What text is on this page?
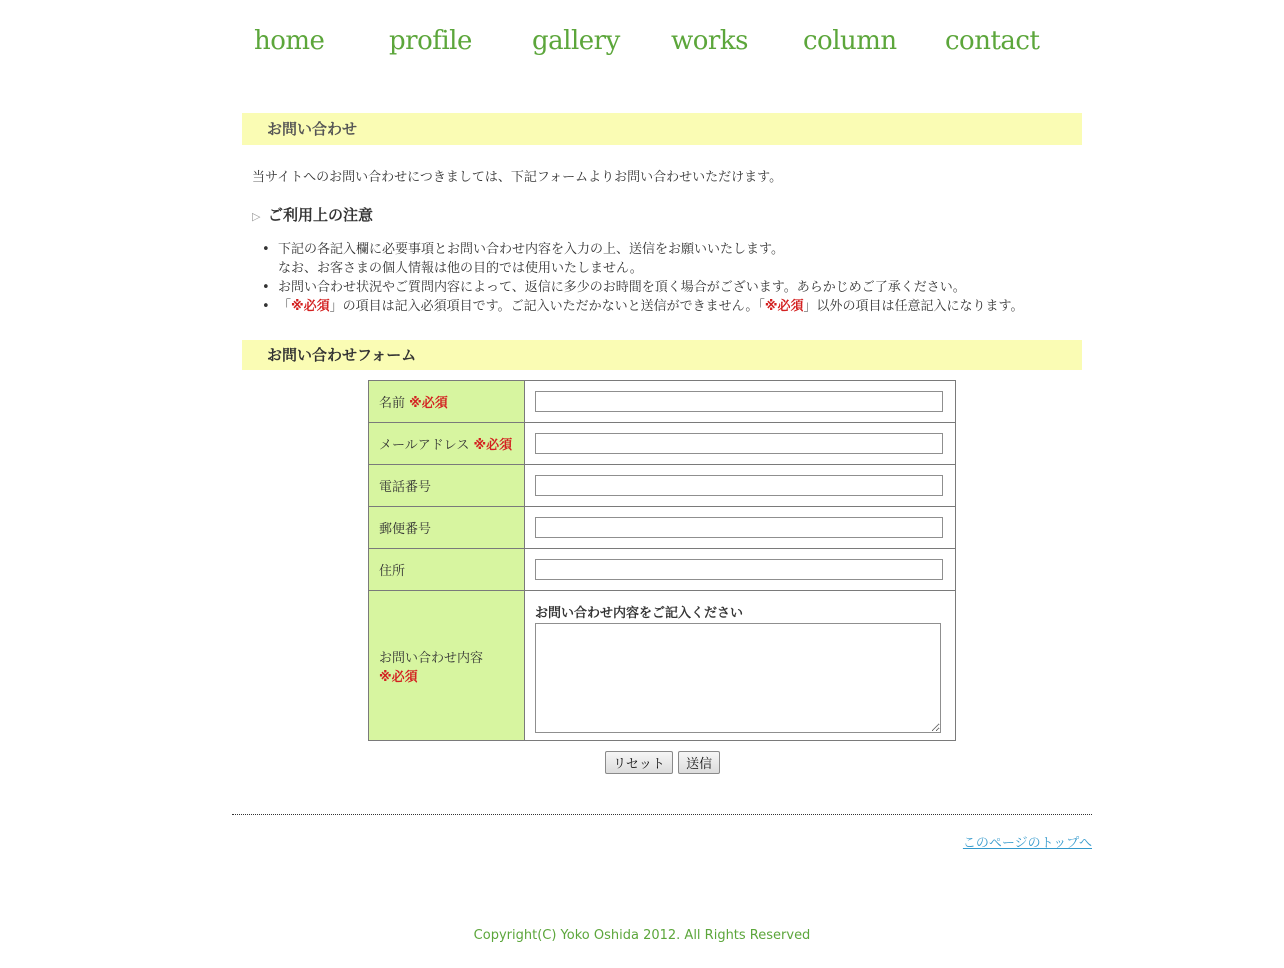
home profile gallery works column contact
お問い合わせ

当サイトへのお問い合わせにつきましては、下記フォームよりお問い合わせいただけます。

▷ ご利用上の注意
• 下記の各記入欄に必要事項とお問い合わせ内容を入力の上、送信をお願いいたします。
なお、お客さまの個人情報は他の目的では使用いたしません。
• お問い合わせ状況やご質問内容によって、返信に多少のお時間を頂く場合がございます。あらかじめご了承ください。
• 「※必須」の項目は記入必須項目です。ご記入いただかないと送信ができません。「※必須」以外の項目は任意記入になります。
お問い合わせフォーム
名前 ※必須	

メールアドレス ※必須	

電話番号	

郵便番号	

住所	

お問い合わせ内容
※必須	お問い合わせ内容をご記入ください
リセット 送信
このページのトップへ
Copyright(C) Yoko Oshida 2012. All Rights Reserved
